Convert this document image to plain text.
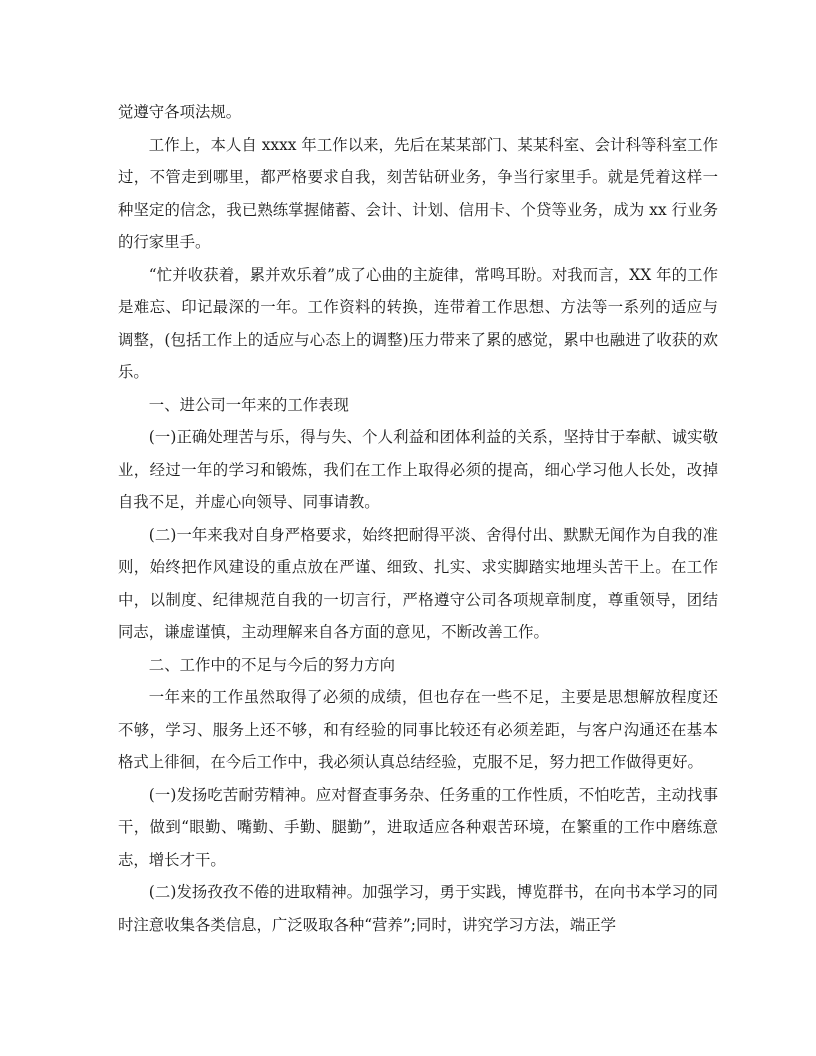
觉遵守各项法规。

工作上，本人自 xxxx 年工作以来，先后在某某部门、某某科室、会计科等科室工作过，不管走到哪里，都严格要求自我，刻苦钻研业务，争当行家里手。就是凭着这样一种坚定的信念，我已熟练掌握储蓄、会计、计划、信用卡、个贷等业务，成为 xx 行业务的行家里手。

“忙并收获着，累并欢乐着”成了心曲的主旋律，常鸣耳盼。对我而言，XX 年的工作是难忘、印记最深的一年。工作资料的转换，连带着工作思想、方法等一系列的适应与调整，(包括工作上的适应与心态上的调整)压力带来了累的感觉，累中也融进了收获的欢乐。

一、进公司一年来的工作表现

(一)正确处理苦与乐，得与失、个人利益和团体利益的关系，坚持甘于奉献、诚实敬业，经过一年的学习和锻炼，我们在工作上取得必须的提高，细心学习他人长处，改掉自我不足，并虚心向领导、同事请教。

(二)一年来我对自身严格要求，始终把耐得平淡、舍得付出、默默无闻作为自我的准则，始终把作风建设的重点放在严谨、细致、扎实、求实脚踏实地埋头苦干上。在工作中，以制度、纪律规范自我的一切言行，严格遵守公司各项规章制度，尊重领导，团结同志，谦虚谨慎，主动理解来自各方面的意见，不断改善工作。

二、工作中的不足与今后的努力方向

一年来的工作虽然取得了必须的成绩，但也存在一些不足，主要是思想解放程度还不够，学习、服务上还不够，和有经验的同事比较还有必须差距，与客户沟通还在基本格式上徘徊，在今后工作中，我必须认真总结经验，克服不足，努力把工作做得更好。

(一)发扬吃苦耐劳精神。应对督查事务杂、任务重的工作性质，不怕吃苦，主动找事干，做到“眼勤、嘴勤、手勤、腿勤”，进取适应各种艰苦环境，在繁重的工作中磨练意志，增长才干。

(二)发扬孜孜不倦的进取精神。加强学习，勇于实践，博览群书，在向书本学习的同时注意收集各类信息，广泛吸取各种“营养”;同时，讲究学习方法，端正学
